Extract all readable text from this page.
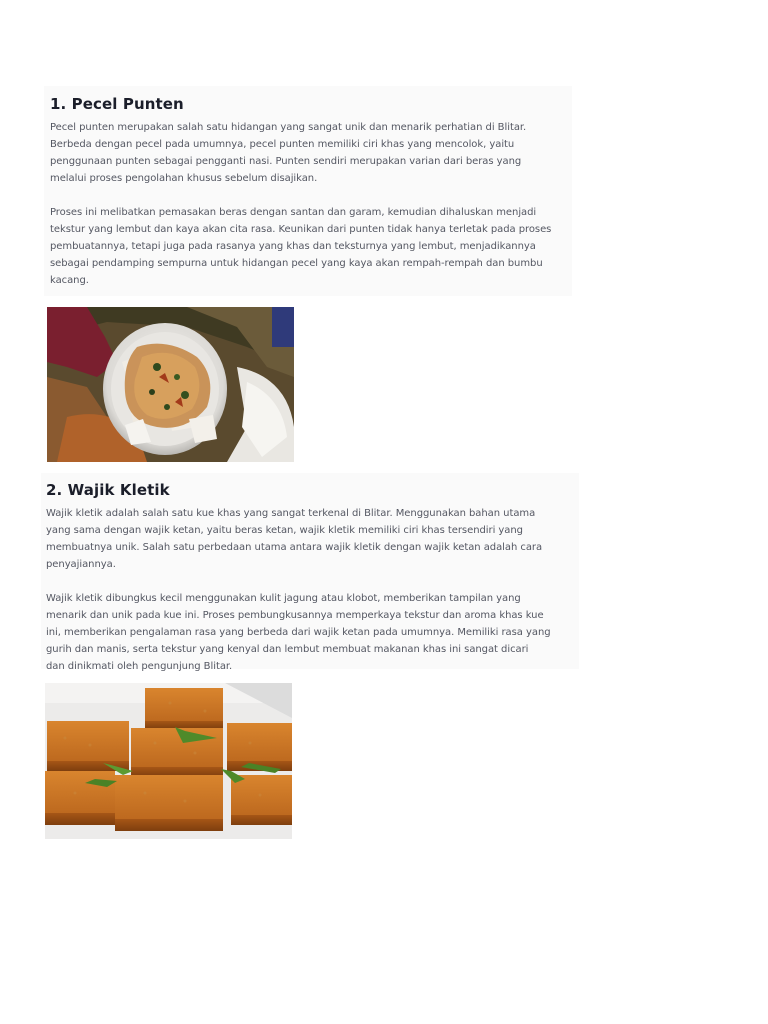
1. Pecel Punten

Pecel punten merupakan salah satu hidangan yang sangat unik dan menarik perhatian di Blitar.
Berbeda dengan pecel pada umumnya, pecel punten memiliki ciri khas yang mencolok, yaitu
penggunaan punten sebagai pengganti nasi. Punten sendiri merupakan varian dari beras yang
melalui proses pengolahan khusus sebelum disajikan.

Proses ini melibatkan pemasakan beras dengan santan dan garam, kemudian dihaluskan menjadi
tekstur yang lembut dan kaya akan cita rasa. Keunikan dari punten tidak hanya terletak pada proses
pembuatannya, tetapi juga pada rasanya yang khas dan teksturnya yang lembut, menjadikannya
sebagai pendamping sempurna untuk hidangan pecel yang kaya akan rempah-rempah dan bumbu
kacang.

2. Wajik Kletik

Wajik kletik adalah salah satu kue khas yang sangat terkenal di Blitar. Menggunakan bahan utama
yang sama dengan wajik ketan, yaitu beras ketan, wajik kletik memiliki ciri khas tersendiri yang
membuatnya unik. Salah satu perbedaan utama antara wajik kletik dengan wajik ketan adalah cara
penyajiannya.

Wajik kletik dibungkus kecil menggunakan kulit jagung atau klobot, memberikan tampilan yang
menarik dan unik pada kue ini. Proses pembungkusannya memperkaya tekstur dan aroma khas kue
ini, memberikan pengalaman rasa yang berbeda dari wajik ketan pada umumnya. Memiliki rasa yang
gurih dan manis, serta tekstur yang kenyal dan lembut membuat makanan khas ini sangat dicari
dan dinikmati oleh pengunjung Blitar.
